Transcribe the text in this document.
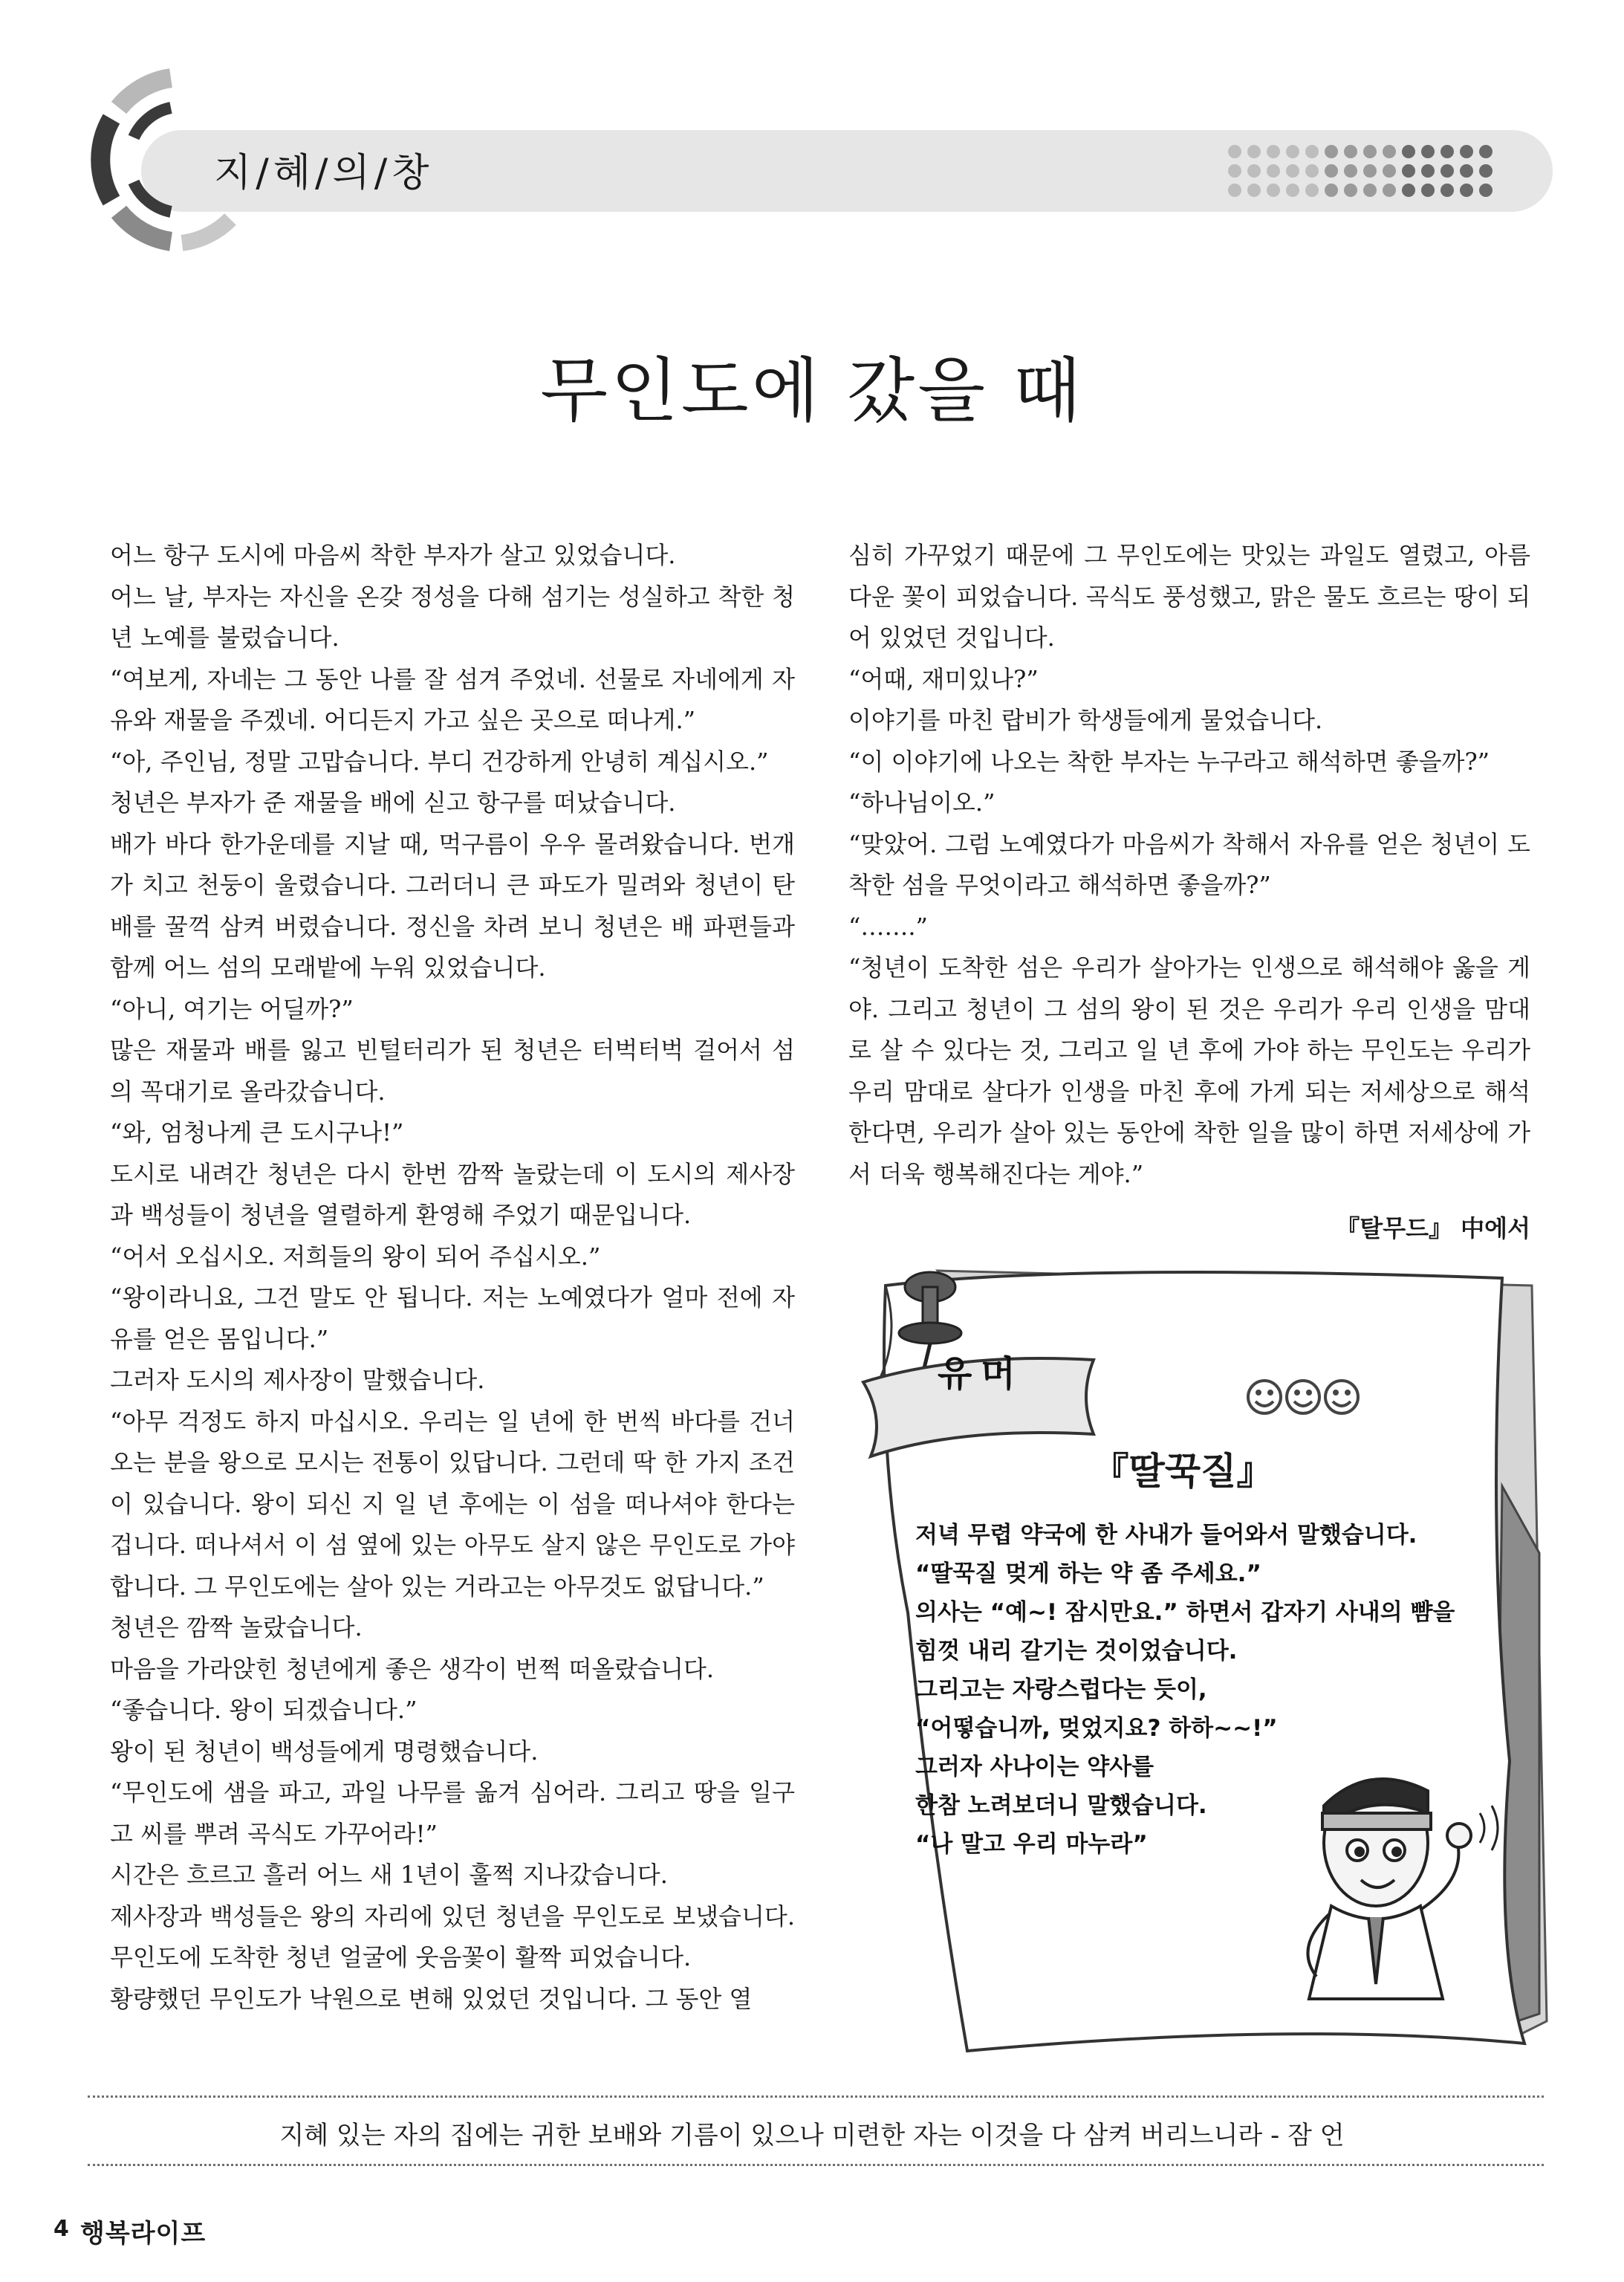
지/혜/의/창
무인도에 갔을 때

어느 항구 도시에 마음씨 착한 부자가 살고 있었습니다.

어느 날, 부자는 자신을 온갖 정성을 다해 섬기는 성실하고 착한 청년 노예를 불렀습니다.

“여보게, 자네는 그 동안 나를 잘 섬겨 주었네. 선물로 자네에게 자유와 재물을 주겠네. 어디든지 가고 싶은 곳으로 떠나게.”

“아, 주인님, 정말 고맙습니다. 부디 건강하게 안녕히 계십시오.”

청년은 부자가 준 재물을 배에 싣고 항구를 떠났습니다.

배가 바다 한가운데를 지날 때, 먹구름이 우우 몰려왔습니다. 번개가 치고 천둥이 울렸습니다. 그러더니 큰 파도가 밀려와 청년이 탄 배를 꿀꺽 삼켜 버렸습니다. 정신을 차려 보니 청년은 배 파편들과 함께 어느 섬의 모래밭에 누워 있었습니다.

“아니, 여기는 어딜까?”

많은 재물과 배를 잃고 빈털터리가 된 청년은 터벅터벅 걸어서 섬의 꼭대기로 올라갔습니다.

“와, 엄청나게 큰 도시구나!”

도시로 내려간 청년은 다시 한번 깜짝 놀랐는데 이 도시의 제사장과 백성들이 청년을 열렬하게 환영해 주었기 때문입니다.

“어서 오십시오. 저희들의 왕이 되어 주십시오.”

“왕이라니요, 그건 말도 안 됩니다. 저는 노예였다가 얼마 전에 자유를 얻은 몸입니다.”

그러자 도시의 제사장이 말했습니다.

“아무 걱정도 하지 마십시오. 우리는 일 년에 한 번씩 바다를 건너오는 분을 왕으로 모시는 전통이 있답니다. 그런데 딱 한 가지 조건이 있습니다. 왕이 되신 지 일 년 후에는 이 섬을 떠나셔야 한다는 겁니다. 떠나셔서 이 섬 옆에 있는 아무도 살지 않은 무인도로 가야 합니다. 그 무인도에는 살아 있는 거라고는 아무것도 없답니다.”

청년은 깜짝 놀랐습니다.

마음을 가라앉힌 청년에게 좋은 생각이 번쩍 떠올랐습니다.

“좋습니다. 왕이 되겠습니다.”

왕이 된 청년이 백성들에게 명령했습니다.

“무인도에 샘을 파고, 과일 나무를 옮겨 심어라. 그리고 땅을 일구고 씨를 뿌려 곡식도 가꾸어라!”

시간은 흐르고 흘러 어느 새 1년이 훌쩍 지나갔습니다.

제사장과 백성들은 왕의 자리에 있던 청년을 무인도로 보냈습니다. 무인도에 도착한 청년 얼굴에 웃음꽃이 활짝 피었습니다.

황량했던 무인도가 낙원으로 변해 있었던 것입니다. 그 동안 열

심히 가꾸었기 때문에 그 무인도에는 맛있는 과일도 열렸고, 아름다운 꽃이 피었습니다. 곡식도 풍성했고, 맑은 물도 흐르는 땅이 되어 있었던 것입니다.

“어때, 재미있나?”

이야기를 마친 랍비가 학생들에게 물었습니다.

“이 이야기에 나오는 착한 부자는 누구라고 해석하면 좋을까?”

“하나님이오.”

“맞았어. 그럼 노예였다가 마음씨가 착해서 자유를 얻은 청년이 도착한 섬을 무엇이라고 해석하면 좋을까?”

“…….”

“청년이 도착한 섬은 우리가 살아가는 인생으로 해석해야 옳을 게야. 그리고 청년이 그 섬의 왕이 된 것은 우리가 우리 인생을 맘대로 살 수 있다는 것, 그리고 일 년 후에 가야 하는 무인도는 우리가 우리 맘대로 살다가 인생을 마친 후에 가게 되는 저세상으로 해석한다면, 우리가 살아 있는 동안에 착한 일을 많이 하면 저세상에 가서 더욱 행복해진다는 게야.”

『탈무드』 中에서
유머
『딸꾹질』

저녁 무렵 약국에 한 사내가 들어와서 말했습니다.

“딸꾹질 멎게 하는 약 좀 주세요.”

의사는 “예~! 잠시만요.” 하면서 갑자기 사내의 뺨을 힘껏 내리 갈기는 것이었습니다.

그리고는 자랑스럽다는 듯이,

“어떻습니까, 멎었지요? 하하~~!”

그러자 사나이는 약사를

한참 노려보더니 말했습니다.

“나 말고 우리 마누라”

지혜 있는 자의 집에는 귀한 보배와 기름이 있으나 미련한 자는 이것을 다 삼켜 버리느니라 - 잠 언
4 행복라이프
